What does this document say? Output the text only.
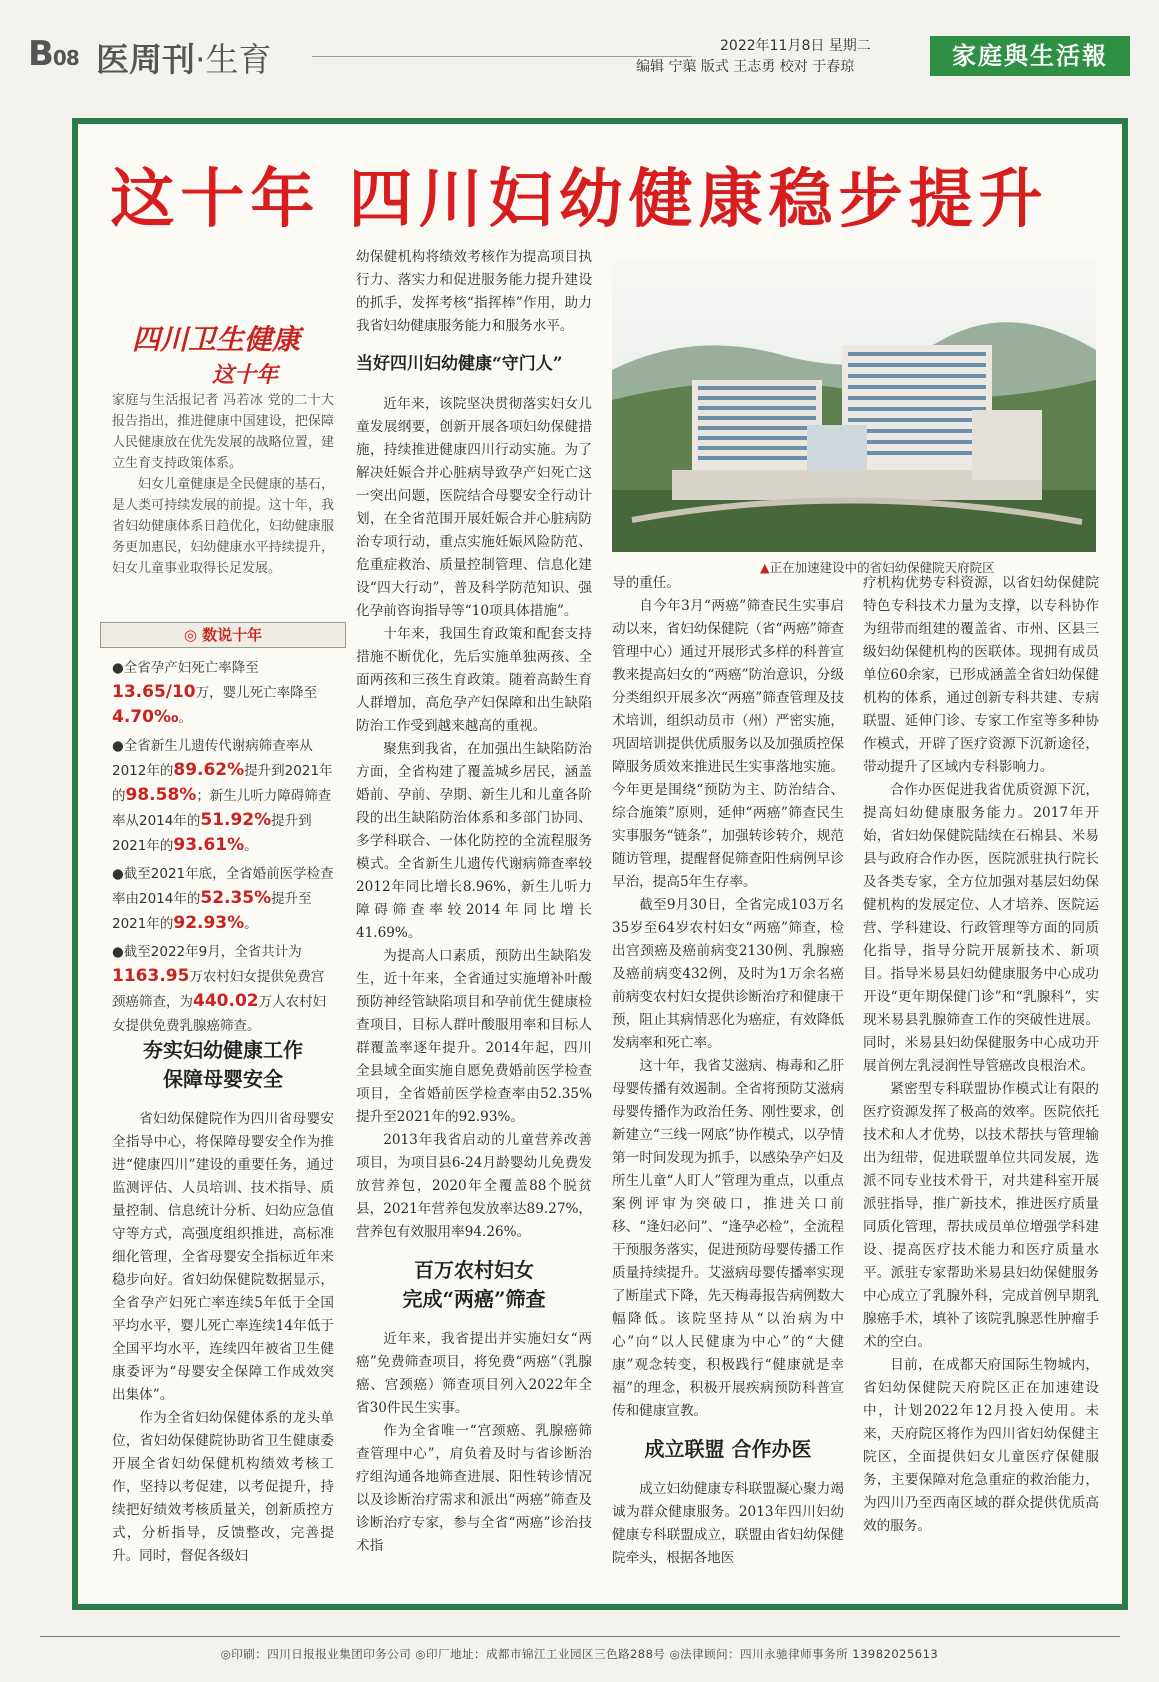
B08 医周刊·生育	2022年11月8日 星期二
编辑 宁蕖 版式 王志勇 校对 于春琼	家庭與生活報
这十年 四川妇幼健康稳步提升
四川卫生健康
这十年

家庭与生活报记者 冯若冰 党的二十大报告指出，推进健康中国建设，把保障人民健康放在优先发展的战略位置，建立生育支持政策体系。

妇女儿童健康是全民健康的基石，是人类可持续发展的前提。这十年，我省妇幼健康体系日趋优化，妇幼健康服务更加惠民，妇幼健康水平持续提升，妇女儿童事业取得长足发展。

◎ 数说十年

●全省孕产妇死亡率降至13.65/10万，婴儿死亡率降至4.70‰。

●全省新生儿遗传代谢病筛查率从2012年的89.62%提升到2021年的98.58%；新生儿听力障碍筛查率从2014年的51.92%提升到2021年的93.61%。

●截至2021年底，全省婚前医学检查率由2014年的52.35%提升至2021年的92.93%。

●截至2022年9月，全省共计为1163.95万农村妇女提供免费宫颈癌筛查，为440.02万人农村妇女提供免费乳腺癌筛查。

夯实妇幼健康工作
保障母婴安全

省妇幼保健院作为四川省母婴安全指导中心，将保障母婴安全作为推进“健康四川”建设的重要任务，通过监测评估、人员培训、技术指导、质量控制、信息统计分析、妇幼应急值守等方式，高强度组织推进，高标准细化管理，全省母婴安全指标近年来稳步向好。省妇幼保健院数据显示，全省孕产妇死亡率连续5年低于全国平均水平，婴儿死亡率连续14年低于全国平均水平，连续四年被省卫生健康委评为“母婴安全保障工作成效突出集体”。

作为全省妇幼保健体系的龙头单位，省妇幼保健院协助省卫生健康委开展全省妇幼保健机构绩效考核工作，坚持以考促建，以考促提升，持续把好绩效考核质量关，创新质控方式，分析指导，反馈整改，完善提升。同时，督促各级妇

幼保健机构将绩效考核作为提高项目执行力、落实力和促进服务能力提升建设的抓手，发挥考核“指挥棒”作用，助力我省妇幼健康服务能力和服务水平。

当好四川妇幼健康“守门人”

近年来，该院坚决贯彻落实妇女儿童发展纲要，创新开展各项妇幼保健措施，持续推进健康四川行动实施。为了解决妊娠合并心脏病导致孕产妇死亡这一突出问题，医院结合母婴安全行动计划，在全省范围开展妊娠合并心脏病防治专项行动，重点实施妊娠风险防范、危重症救治、质量控制管理、信息化建设“四大行动”，普及科学防范知识、强化孕前咨询指导等“10项具体措施”。

十年来，我国生育政策和配套支持措施不断优化，先后实施单独两孩、全面两孩和三孩生育政策。随着高龄生育人群增加，高危孕产妇保障和出生缺陷防治工作受到越来越高的重视。

聚焦到我省，在加强出生缺陷防治方面，全省构建了覆盖城乡居民，涵盖婚前、孕前、孕期、新生儿和儿童各阶段的出生缺陷防治体系和多部门协同、多学科联合、一体化防控的全流程服务模式。全省新生儿遗传代谢病筛查率较2012年同比增长8.96%，新生儿听力障碍筛查率较2014年同比增长41.69%。

为提高人口素质，预防出生缺陷发生，近十年来，全省通过实施增补叶酸预防神经管缺陷项目和孕前优生健康检查项目，目标人群叶酸服用率和目标人群覆盖率逐年提升。2014年起，四川全县域全面实施自愿免费婚前医学检查项目，全省婚前医学检查率由52.35%提升至2021年的92.93%。

2013年我省启动的儿童营养改善项目，为项目县6-24月龄婴幼儿免费发放营养包，2020年全覆盖88个脱贫县，2021年营养包发放率达89.27%，营养包有效服用率94.26%。

百万农村妇女
完成“两癌”筛查

近年来，我省提出并实施妇女“两癌”免费筛查项目，将免费“两癌”（乳腺癌、宫颈癌）筛查项目列入2022年全省30件民生实事。

作为全省唯一“宫颈癌、乳腺癌筛查管理中心”，肩负着及时与省诊断治疗组沟通各地筛查进展、阳性转诊情况以及诊断治疗需求和派出“两癌”筛查及诊断治疗专家，参与全省“两癌”诊治技术指

▲正在加速建设中的省妇幼保健院天府院区

导的重任。

自今年3月“两癌”筛查民生实事启动以来，省妇幼保健院（省“两癌”筛查管理中心）通过开展形式多样的科普宣教来提高妇女的“两癌”防治意识，分级分类组织开展多次“两癌”筛查管理及技术培训，组织动员市（州）严密实施，巩固培训提供优质服务以及加强质控保障服务质效来推进民生实事落地实施。今年更是围绕“预防为主、防治结合、综合施策”原则，延伸“两癌”筛查民生实事服务“链条”，加强转诊转介，规范随访管理，提醒督促筛查阳性病例早诊早治，提高5年生存率。

截至9月30日，全省完成103万名35岁至64岁农村妇女“两癌”筛查，检出宫颈癌及癌前病变2130例、乳腺癌及癌前病变432例，及时为1万余名癌前病变农村妇女提供诊断治疗和健康干预，阻止其病情恶化为癌症，有效降低发病率和死亡率。

这十年，我省艾滋病、梅毒和乙肝母婴传播有效遏制。全省将预防艾滋病母婴传播作为政治任务、刚性要求，创新建立“三线一网底”协作模式，以孕情第一时间发现为抓手，以感染孕产妇及所生儿童“人盯人”管理为重点，以重点案例评审为突破口，推进关口前移、“逢妇必问”、“逢孕必检”，全流程干预服务落实，促进预防母婴传播工作质量持续提升。艾滋病母婴传播率实现了断崖式下降，先天梅毒报告病例数大幅降低。该院坚持从“以治病为中心”向“以人民健康为中心”的“大健康”观念转变，积极践行“健康就是幸福”的理念，积极开展疾病预防科普宣传和健康宣教。

成立联盟 合作办医

成立妇幼健康专科联盟凝心聚力竭诚为群众健康服务。2013年四川妇幼健康专科联盟成立，联盟由省妇幼保健院牵头，根据各地医

疗机构优势专科资源，以省妇幼保健院特色专科技术力量为支撑，以专科协作为纽带而组建的覆盖省、市州、区县三级妇幼保健机构的医联体。现拥有成员单位60余家，已形成涵盖全省妇幼保健机构的体系，通过创新专科共建、专病联盟、延伸门诊、专家工作室等多种协作模式，开辟了医疗资源下沉新途径，带动提升了区域内专科影响力。

合作办医促进我省优质资源下沉，提高妇幼健康服务能力。2017年开始，省妇幼保健院陆续在石棉县、米易县与政府合作办医，医院派驻执行院长及各类专家，全方位加强对基层妇幼保健机构的发展定位、人才培养、医院运营、学科建设、行政管理等方面的同质化指导，指导分院开展新技术、新项目。指导米易县妇幼健康服务中心成功开设“更年期保健门诊”和“乳腺科”，实现米易县乳腺筛查工作的突破性进展。同时，米易县妇幼保健服务中心成功开展首例左乳浸润性导管癌改良根治术。

紧密型专科联盟协作模式让有限的医疗资源发挥了极高的效率。医院依托技术和人才优势，以技术帮扶与管理输出为纽带，促进联盟单位共同发展，选派不同专业技术骨干，对共建科室开展派驻指导，推广新技术，推进医疗质量同质化管理，帮扶成员单位增强学科建设、提高医疗技术能力和医疗质量水平。派驻专家帮助米易县妇幼保健服务中心成立了乳腺外科，完成首例早期乳腺癌手术，填补了该院乳腺恶性肿瘤手术的空白。

目前，在成都天府国际生物城内，省妇幼保健院天府院区正在加速建设中，计划2022年12月投入使用。未来，天府院区将作为四川省妇幼保健主院区，全面提供妇女儿童医疗保健服务，主要保障对危急重症的救治能力，为四川乃至西南区域的群众提供优质高效的服务。

◎印刷：四川日报报业集团印务公司 ◎印厂地址：成都市锦江工业园区三色路288号 ◎法律顾问：四川永驰律师事务所 13982025613
